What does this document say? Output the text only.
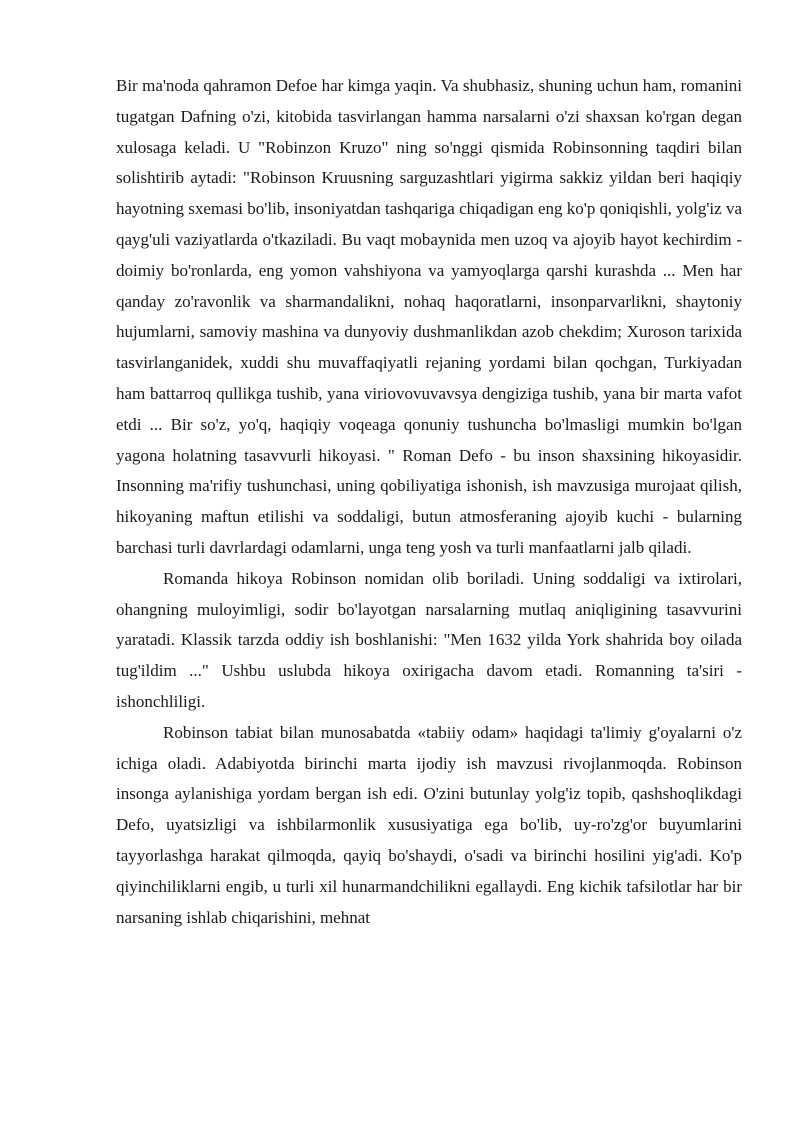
Bir ma'noda qahramon Defoe har kimga yaqin. Va shubhasiz, shuning uchun ham, romanini tugatgan Dafning o'zi, kitobida tasvirlangan hamma narsalarni o'zi shaxsan ko'rgan degan xulosaga keladi. U "Robinzon Kruzo" ning so'nggi qismida Robinsonning taqdiri bilan solishtirib aytadi: "Robinson Kruusning sarguzashtlari yigirma sakkiz yildan beri haqiqiy hayotning sxemasi bo'lib, insoniyatdan tashqariga chiqadigan eng ko'p qoniqishli, yolg'iz va qayg'uli vaziyatlarda o'tkaziladi. Bu vaqt mobaynida men uzoq va ajoyib hayot kechirdim - doimiy bo'ronlarda, eng yomon vahshiyona va yamyoqlarga qarshi kurashda ... Men har qanday zo'ravonlik va sharmandalikni, nohaq haqoratlarni, insonparvarlikni, shaytoniy hujumlarni, samoviy mashina va dunyoviy dushmanlikdan azob chekdim; Xuroson tarixida tasvirlanganidek, xuddi shu muvaffaqiyatli rejaning yordami bilan qochgan, Turkiyadan ham battarroq qullikga tushib, yana viriovovuvavsya dengiziga tushib, yana bir marta vafot etdi ... Bir so'z, yo'q, haqiqiy voqeaga qonuniy tushuncha bo'lmasligi mumkin bo'lgan yagona holatning tasavvurli hikoyasi. " Roman Defo - bu inson shaxsining hikoyasidir. Insonning ma'rifiy tushunchasi, uning qobiliyatiga ishonish, ish mavzusiga murojaat qilish, hikoyaning maftun etilishi va soddaligi, butun atmosferaning ajoyib kuchi - bularning barchasi turli davrlardagi odamlarni, unga teng yosh va turli manfaatlarni jalb qiladi.

Romanda hikoya Robinson nomidan olib boriladi. Uning soddaligi va ixtirolari, ohangning muloyimligi, sodir bo'layotgan narsalarning mutlaq aniqligining tasavvurini yaratadi. Klassik tarzda oddiy ish boshlanishi: "Men 1632 yilda York shahrida boy oilada tug'ildim ..." Ushbu uslubda hikoya oxirigacha davom etadi. Romanning ta'siri - ishonchliligi.

Robinson tabiat bilan munosabatda «tabiiy odam» haqidagi ta'limiy g'oyalarni o'z ichiga oladi. Adabiyotda birinchi marta ijodiy ish mavzusi rivojlanmoqda. Robinson insonga aylanishiga yordam bergan ish edi. O'zini butunlay yolg'iz topib, qashshoqlikdagi Defo, uyatsizligi va ishbilarmonlik xususiyatiga ega bo'lib, uy-ro'zg'or buyumlarini tayyorlashga harakat qilmoqda, qayiq bo'shaydi, o'sadi va birinchi hosilini yig'adi. Ko'p qiyinchiliklarni engib, u turli xil hunarmandchilikni egallaydi. Eng kichik tafsilotlar har bir narsaning ishlab chiqarishini, mehnat
